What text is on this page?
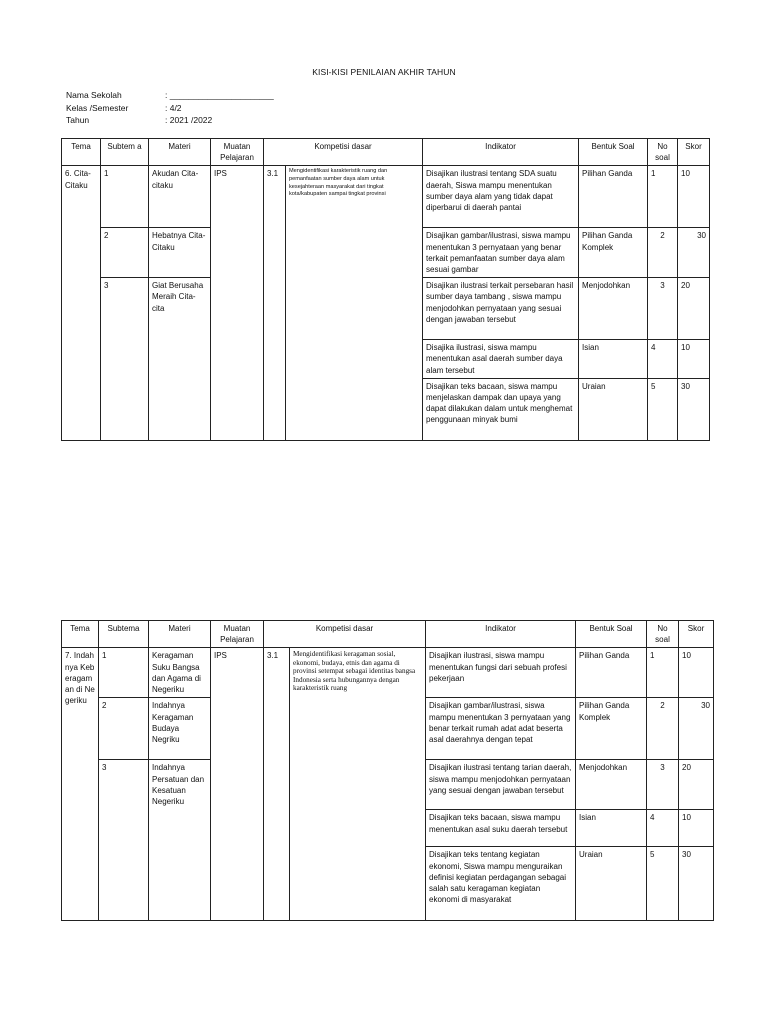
KISI-KISI PENILAIAN AKHIR TAHUN
Nama Sekolah	: ______________________
Kelas /Semester	: 4/2
Tahun	: 2021 /2022
Tema	Subtem a	Materi	Muatan Pelajaran	Kompetisi dasar		Indikator	Bentuk Soal	No soal	Skor
6. Cita-Citaku	1	Akudan Cita-citaku	IPS	3.1	Mengidentifikasi karakteristik ruang dan pemanfaatan sumber daya alam untuk kesejahteraan masyarakat dari tingkat kota/kabupaten sampai tingkat provinsi	Disajikan ilustrasi tentang SDA suatu daerah, Siswa mampu menentukan sumber daya alam yang tidak dapat diperbarui di daerah pantai	Pilihan Ganda	1	10
	2	Hebatnya Cita-Citaku				Disajikan gambar/ilustrasi, siswa mampu menentukan 3 pernyataan yang benar terkait pemanfaatan sumber daya alam sesuai gambar	Pilihan Ganda Komplek	2	30
	3	Giat Berusaha Meraih Cita-cita				Disajikan ilustrasi terkait persebaran hasil sumber daya tambang , siswa mampu menjodohkan pernyataan yang sesuai dengan jawaban tersebut	Menjodohkan	3	20
						Disajika ilustrasi, siswa mampu menentukan asal daerah sumber daya alam tersebut	Isian	4	10
						Disajikan teks bacaan, siswa mampu menjelaskan dampak dan upaya yang dapat dilakukan dalam untuk menghemat penggunaan minyak bumi	Uraian	5	30
Tema	Subtema	Materi	Muatan Pelajaran	Kompetisi dasar		Indikator	Bentuk Soal	No soal	Skor
7. Indahnya Keberagaman di Negeriku	1	Keragaman Suku Bangsa dan Agama di Negeriku	IPS	3.1	Mengidentifikasi keragaman sosial, ekonomi, budaya, etnis dan agama di provinsi setempat sebagai identitas bangsa Indonesia serta hubungannya dengan karakteristik ruang	Disajikan ilustrasi, siswa mampu menentukan fungsi dari sebuah profesi pekerjaan	Pilihan Ganda	1	10
	2	Indahnya Keragaman Budaya Negriku				Disajikan gambar/ilustrasi, siswa mampu menentukan 3 pernyataan yang benar terkait rumah adat adat beserta asal daerahnya dengan tepat	Pilihan Ganda Komplek	2	30
	3	Indahnya Persatuan dan Kesatuan Negeriku				Disajikan ilustrasi tentang tarian daerah, siswa mampu menjodohkan pernyataan yang sesuai dengan jawaban tersebut	Menjodohkan	3	20
						Disajikan teks bacaan, siswa mampu menentukan asal suku daerah tersebut	Isian	4	10
						Disajikan teks tentang kegiatan ekonomi, Siswa mampu menguraikan definisi kegiatan perdagangan sebagai salah satu keragaman kegiatan ekonomi di masyarakat	Uraian	5	30
